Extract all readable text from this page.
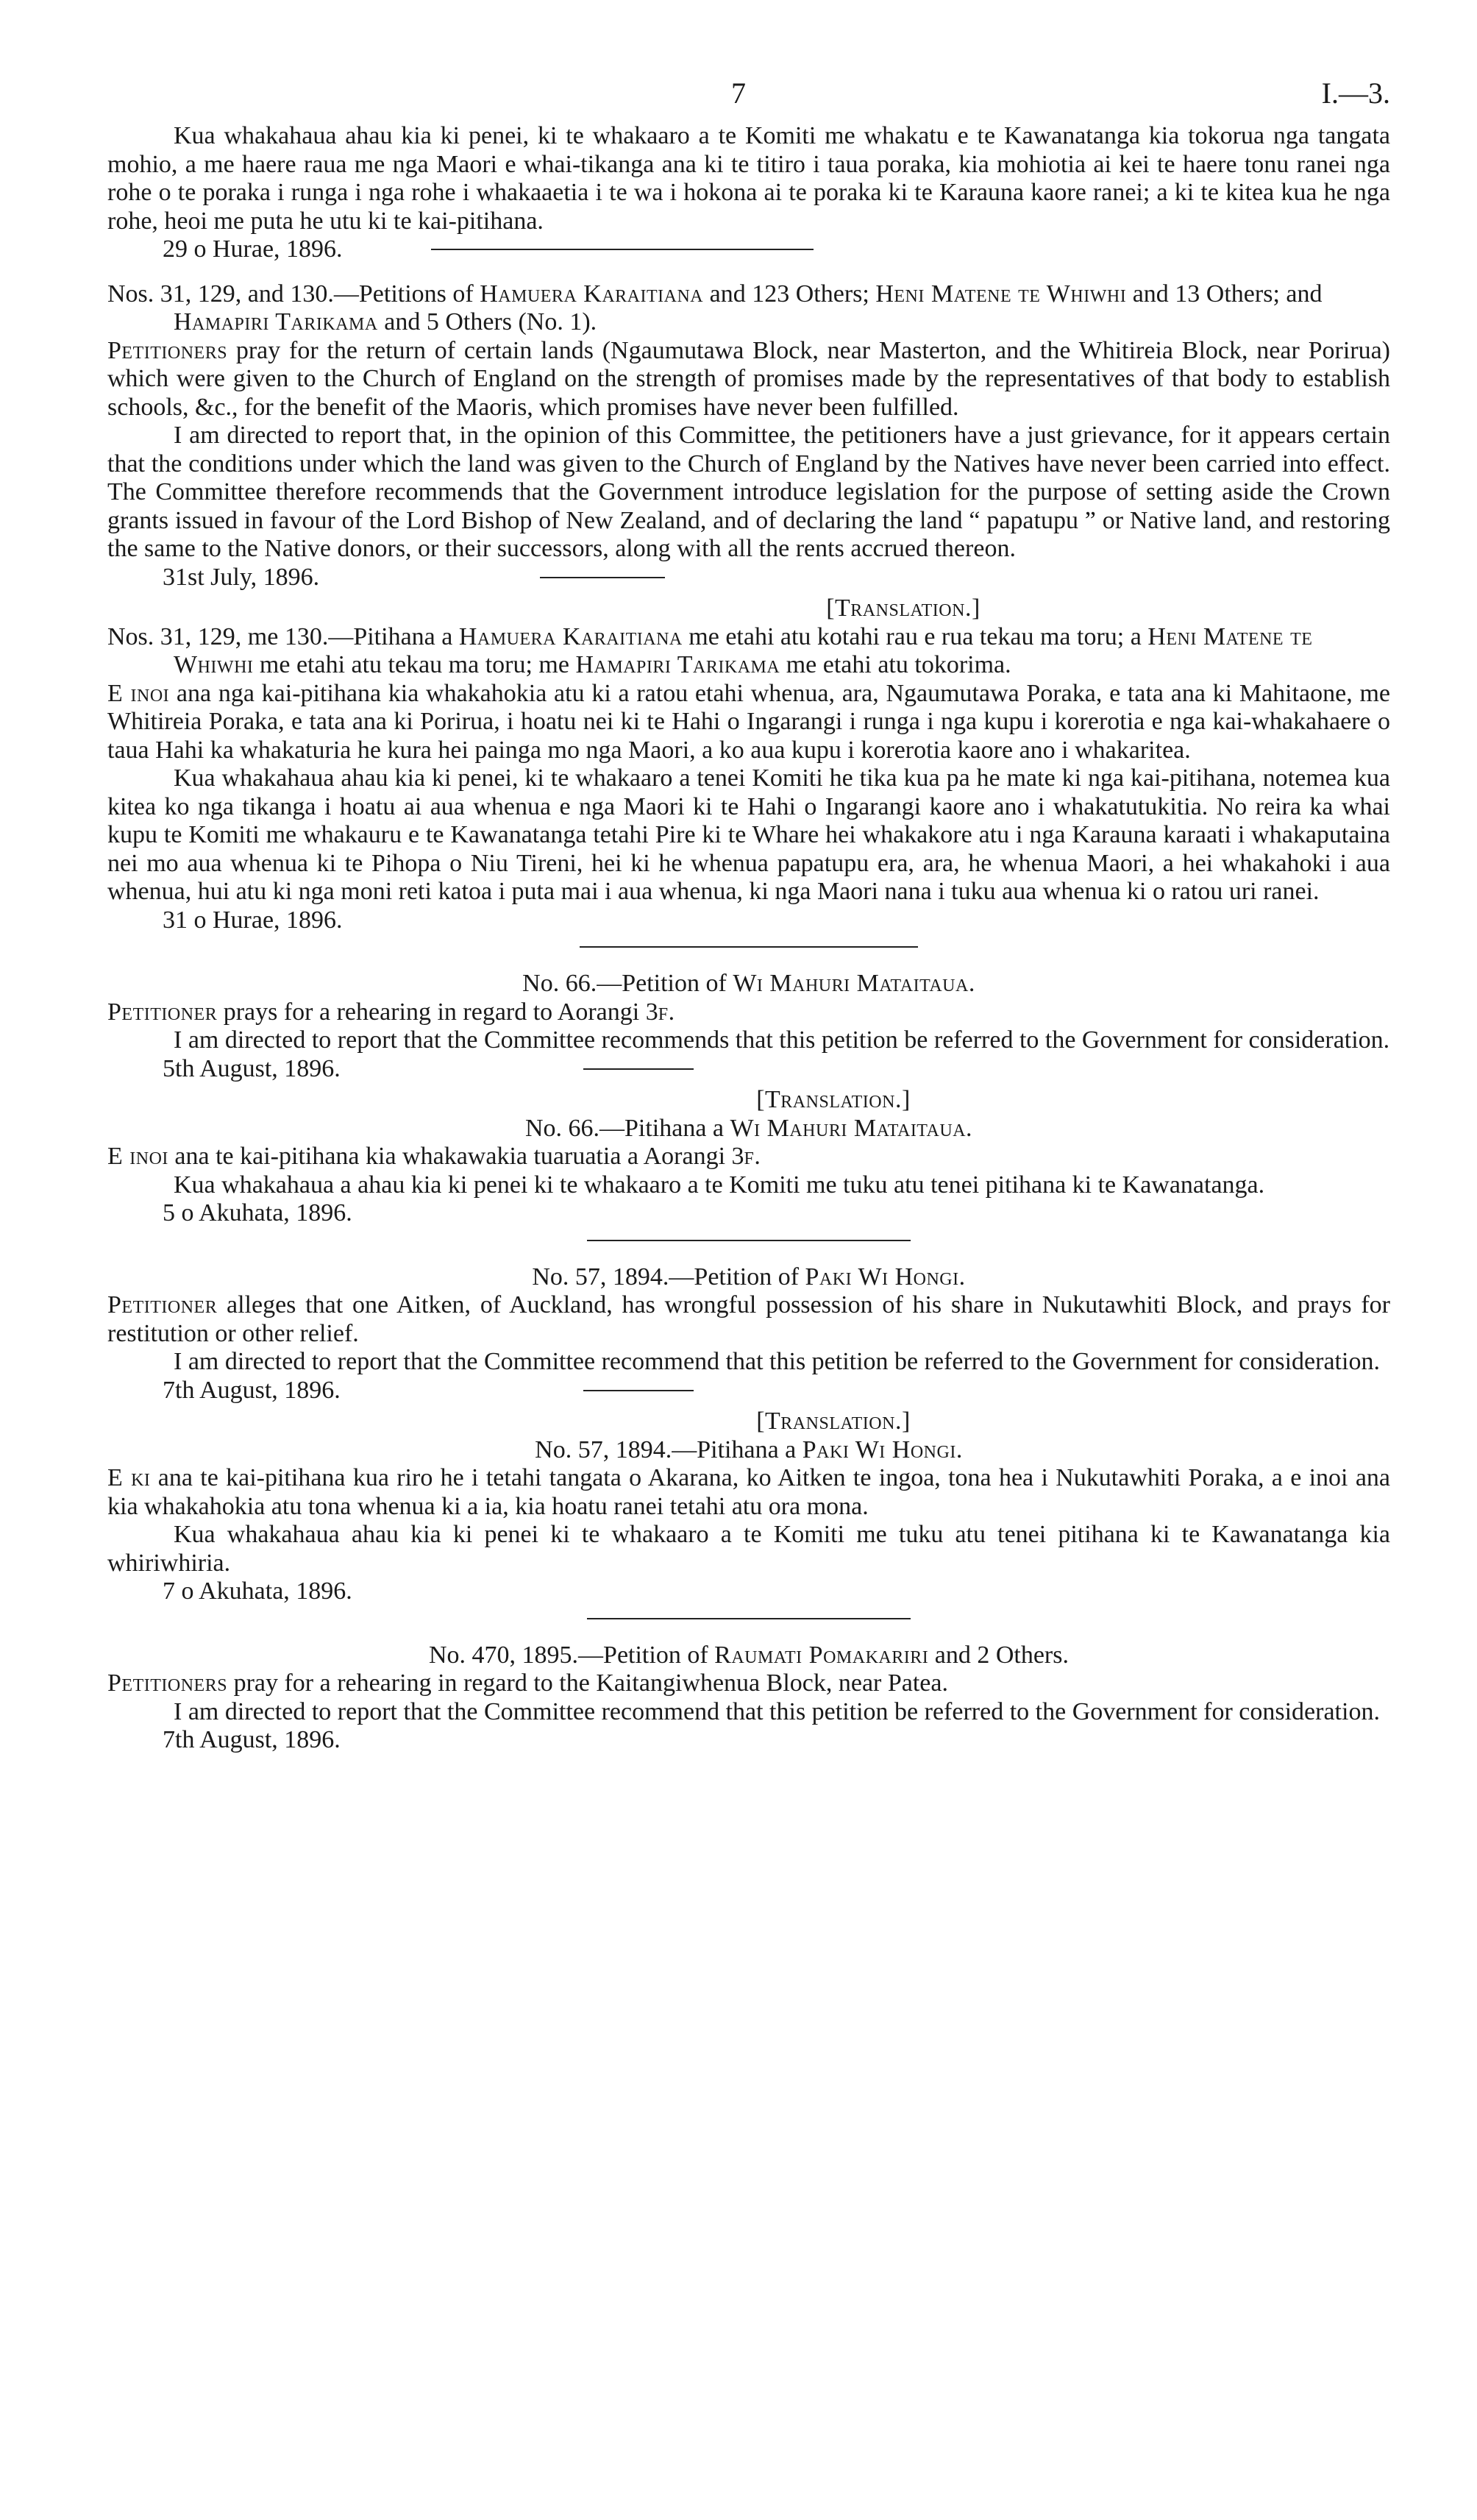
7	I.—3.

Kua whakahaua ahau kia ki penei, ki te whakaaro a te Komiti me whakatu e te Kawanatanga kia tokorua nga tangata mohio, a me haere raua me nga Maori e whai-tikanga ana ki te titiro i taua poraka, kia mohiotia ai kei te haere tonu ranei nga rohe o te poraka i runga i nga rohe i whakaaetia i te wa i hokona ai te poraka ki te Karauna kaore ranei; a ki te kitea kua he nga rohe, heoi me puta he utu ki te kai-pitihana.

29 o Hurae, 1896.

Nos. 31, 129, and 130.—Petitions of Hamuera Karaitiana and 123 Others; Heni Matene te Whiwhi and 13 Others; and Hamapiri Tarikama and 5 Others (No. 1).

Petitioners pray for the return of certain lands (Ngaumutawa Block, near Masterton, and the Whitireia Block, near Porirua) which were given to the Church of England on the strength of promises made by the representatives of that body to establish schools, &c., for the benefit of the Maoris, which promises have never been fulfilled.

I am directed to report that, in the opinion of this Committee, the petitioners have a just grievance, for it appears certain that the conditions under which the land was given to the Church of England by the Natives have never been carried into effect. The Committee therefore recommends that the Government introduce legislation for the purpose of setting aside the Crown grants issued in favour of the Lord Bishop of New Zealand, and of declaring the land “ papatupu ” or Native land, and restoring the same to the Native donors, or their successors, along with all the rents accrued thereon.

31st July, 1896.

[Translation.]

Nos. 31, 129, me 130.—Pitihana a Hamuera Karaitiana me etahi atu kotahi rau e rua tekau ma toru; a Heni Matene te Whiwhi me etahi atu tekau ma toru; me Hamapiri Tarikama me etahi atu tokorima.

E inoi ana nga kai-pitihana kia whakahokia atu ki a ratou etahi whenua, ara, Ngaumutawa Poraka, e tata ana ki Mahitaone, me Whitireia Poraka, e tata ana ki Porirua, i hoatu nei ki te Hahi o Ingarangi i runga i nga kupu i korerotia e nga kai-whakahaere o taua Hahi ka whakaturia he kura hei painga mo nga Maori, a ko aua kupu i korerotia kaore ano i whakaritea.

Kua whakahaua ahau kia ki penei, ki te whakaaro a tenei Komiti he tika kua pa he mate ki nga kai-pitihana, notemea kua kitea ko nga tikanga i hoatu ai aua whenua e nga Maori ki te Hahi o Ingarangi kaore ano i whakatutukitia. No reira ka whai kupu te Komiti me whakauru e te Kawanatanga tetahi Pire ki te Whare hei whakakore atu i nga Karauna karaati i whakaputaina nei mo aua whenua ki te Pihopa o Niu Tireni, hei ki he whenua papatupu era, ara, he whenua Maori, a hei whakahoki i aua whenua, hui atu ki nga moni reti katoa i puta mai i aua whenua, ki nga Maori nana i tuku aua whenua ki o ratou uri ranei.

31 o Hurae, 1896.

No. 66.—Petition of Wi Mahuri Mataitaua.

Petitioner prays for a rehearing in regard to Aorangi 3f.

I am directed to report that the Committee recommends that this petition be referred to the Government for consideration.

5th August, 1896.

[Translation.]

No. 66.—Pitihana a Wi Mahuri Mataitaua.

E inoi ana te kai-pitihana kia whakawakia tuaruatia a Aorangi 3f.

Kua whakahaua a ahau kia ki penei ki te whakaaro a te Komiti me tuku atu tenei pitihana ki te Kawanatanga.

5 o Akuhata, 1896.

No. 57, 1894.—Petition of Paki Wi Hongi.

Petitioner alleges that one Aitken, of Auckland, has wrongful possession of his share in Nukutawhiti Block, and prays for restitution or other relief.

I am directed to report that the Committee recommend that this petition be referred to the Government for consideration.

7th August, 1896.

[Translation.]

No. 57, 1894.—Pitihana a Paki Wi Hongi.

E ki ana te kai-pitihana kua riro he i tetahi tangata o Akarana, ko Aitken te ingoa, tona hea i Nukutawhiti Poraka, a e inoi ana kia whakahokia atu tona whenua ki a ia, kia hoatu ranei tetahi atu ora mona.

Kua whakahaua ahau kia ki penei ki te whakaaro a te Komiti me tuku atu tenei pitihana ki te Kawanatanga kia whiriwhiria.

7 o Akuhata, 1896.

No. 470, 1895.—Petition of Raumati Pomakariri and 2 Others.

Petitioners pray for a rehearing in regard to the Kaitangiwhenua Block, near Patea.

I am directed to report that the Committee recommend that this petition be referred to the Government for consideration.

7th August, 1896.
